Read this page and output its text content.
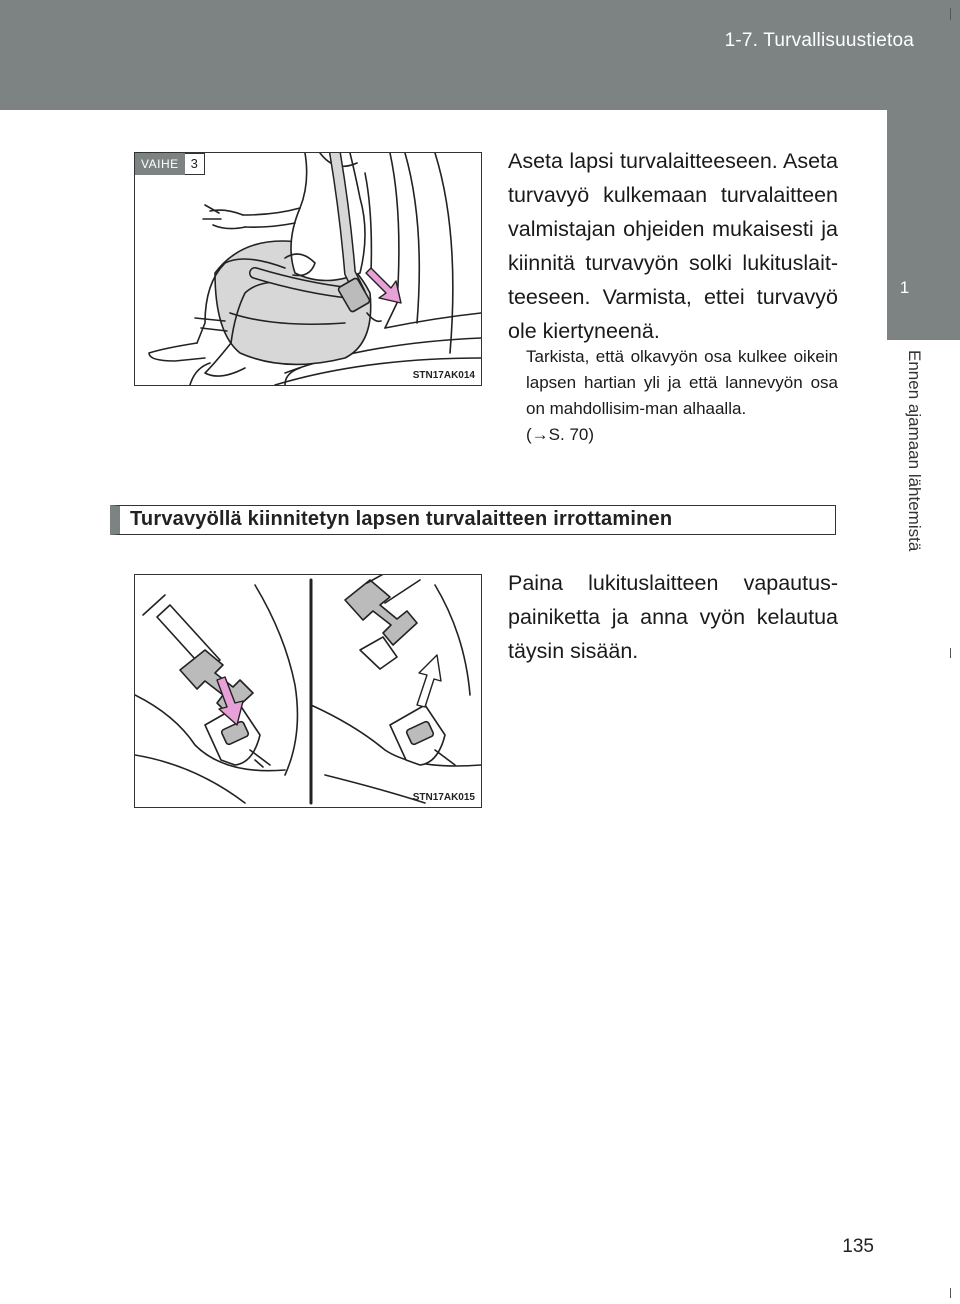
1-7. Turvallisuustietoa
1
Ennen ajamaan lähtemistä
VAIHE 3
STN17AK014
Aseta lapsi turvalaitteeseen. Aseta turvavyö kulkemaan turvalaitteen valmistajan ohjeiden mukaisesti ja kiinnitä turvavyön solki lukituslait-teeseen. Varmista, ettei turvavyö ole kiertyneenä.
Tarkista, että olkavyön osa kulkee oikein lapsen hartian yli ja että lannevyön osa on mahdollisim-man alhaalla.
(→S. 70)
Turvavyöllä kiinnitetyn lapsen turvalaitteen irrottaminen
STN17AK015
Paina lukituslaitteen vapautus-painiketta ja anna vyön kelautua täysin sisään.
135
